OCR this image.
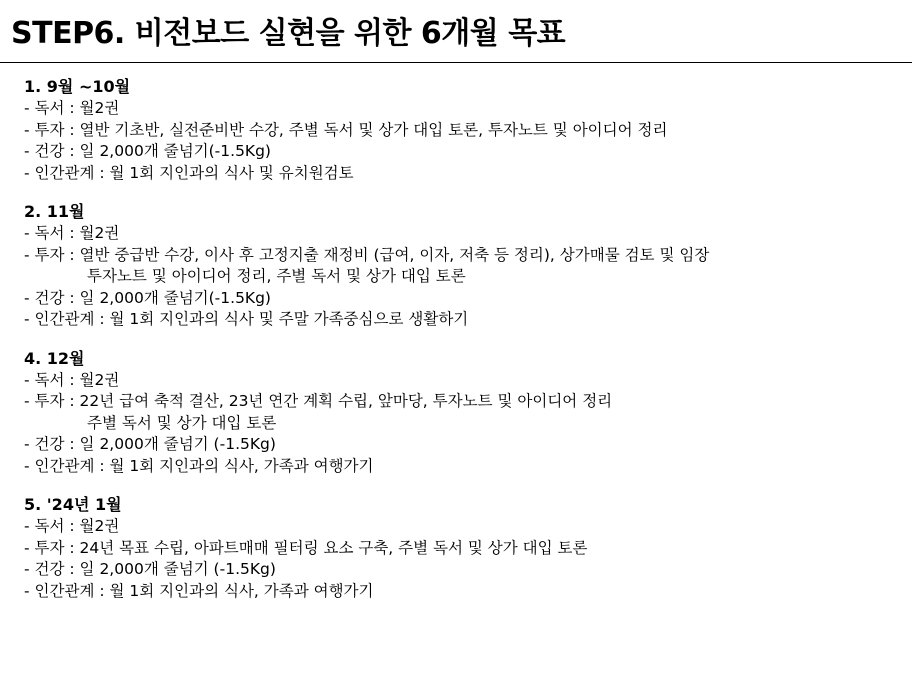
STEP6. 비전보드 실현을 위한 6개월 목표
1. 9월 ~10월
- 독서 : 월2권
- 투자 : 열반 기초반, 실전준비반 수강, 주별 독서 및 상가 대입 토론, 투자노트 및 아이디어 정리
- 건강 : 일 2,000개 줄넘기(-1.5Kg)
- 인간관계 : 월 1회 지인과의 식사 및 유치원검토
2. 11월
- 독서 : 월2권
- 투자 : 열반 중급반 수강, 이사 후 고정지출 재정비 (급여, 이자, 저축 등 정리), 상가매물 검토 및 임장
투자노트 및 아이디어 정리, 주별 독서 및 상가 대입 토론
- 건강 : 일 2,000개 줄넘기(-1.5Kg)
- 인간관계 : 월 1회 지인과의 식사 및 주말 가족중심으로 생활하기
4. 12월
- 독서 : 월2권
- 투자 : 22년 급여 축적 결산, 23년 연간 계획 수립, 앞마당, 투자노트 및 아이디어 정리
주별 독서 및 상가 대입 토론
- 건강 : 일 2,000개 줄넘기 (-1.5Kg)
- 인간관계 : 월 1회 지인과의 식사, 가족과 여행가기
5. '24년 1월
- 독서 : 월2권
- 투자 : 24년 목표 수립, 아파트매매 필터링 요소 구축, 주별 독서 및 상가 대입 토론
- 건강 : 일 2,000개 줄넘기 (-1.5Kg)
- 인간관계 : 월 1회 지인과의 식사, 가족과 여행가기
